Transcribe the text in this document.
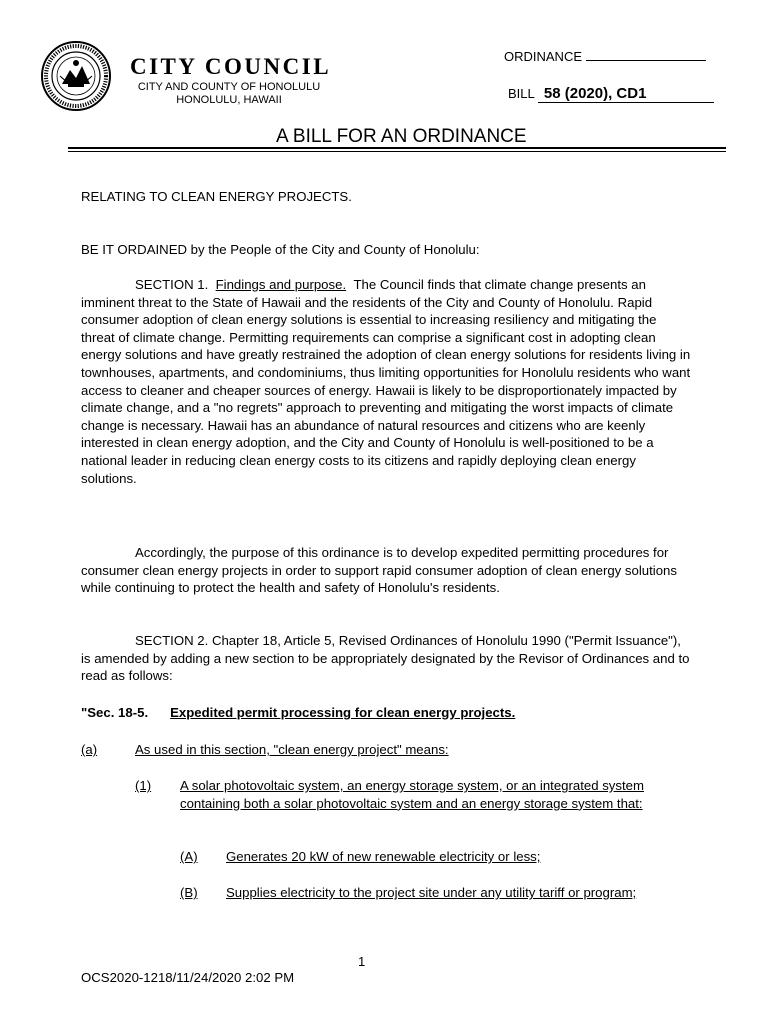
CITY COUNCIL
CITY AND COUNTY OF HONOLULU
HONOLULU, HAWAII
ORDINANCE
BILL 58 (2020), CD1
A BILL FOR AN ORDINANCE
RELATING TO CLEAN ENERGY PROJECTS.
BE IT ORDAINED by the People of the City and County of Honolulu:

SECTION 1. Findings and purpose. The Council finds that climate change presents an imminent threat to the State of Hawaii and the residents of the City and County of Honolulu. Rapid consumer adoption of clean energy solutions is essential to increasing resiliency and mitigating the threat of climate change. Permitting requirements can comprise a significant cost in adopting clean energy solutions and have greatly restrained the adoption of clean energy solutions for residents living in townhouses, apartments, and condominiums, thus limiting opportunities for Honolulu residents who want access to cleaner and cheaper sources of energy. Hawaii is likely to be disproportionately impacted by climate change, and a "no regrets" approach to preventing and mitigating the worst impacts of climate change is necessary. Hawaii has an abundance of natural resources and citizens who are keenly interested in clean energy adoption, and the City and County of Honolulu is well-positioned to be a national leader in reducing clean energy costs to its citizens and rapidly deploying clean energy solutions.

Accordingly, the purpose of this ordinance is to develop expedited permitting procedures for consumer clean energy projects in order to support rapid consumer adoption of clean energy solutions while continuing to protect the health and safety of Honolulu's residents.

SECTION 2. Chapter 18, Article 5, Revised Ordinances of Honolulu 1990 ("Permit Issuance"), is amended by adding a new section to be appropriately designated by the Revisor of Ordinances and to read as follows:

"Sec. 18-5. Expedited permit processing for clean energy projects.
(a)	As used in this section, "clean energy project" means:
(1) A solar photovoltaic system, an energy storage system, or an integrated system containing both a solar photovoltaic system and an energy storage system that:
(A) Generates 20 kW of new renewable electricity or less;
(B) Supplies electricity to the project site under any utility tariff or program;
1
OCS2020-1218/11/24/2020 2:02 PM
